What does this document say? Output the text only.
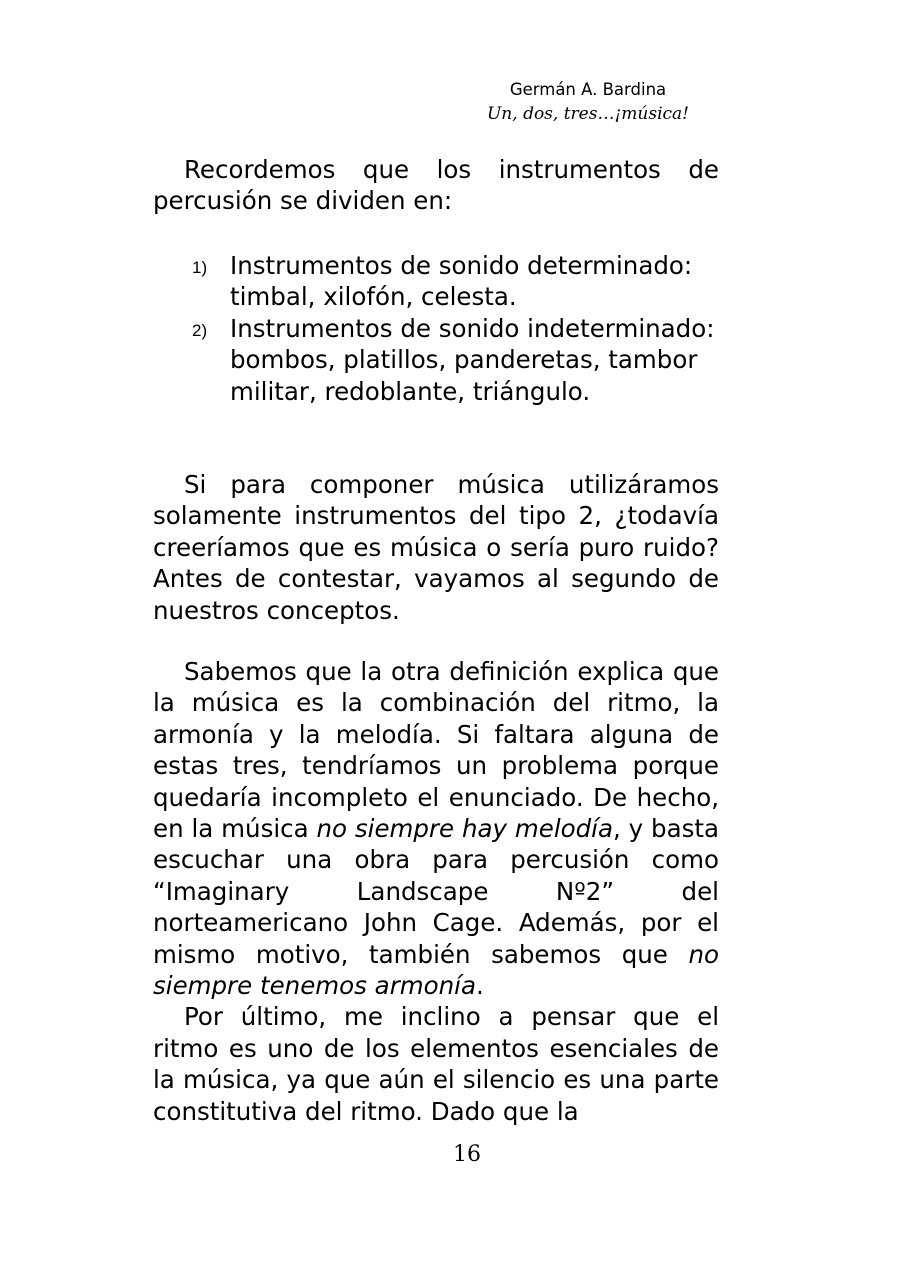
Germán A. Bardina
Un, dos, tres…¡música!

Recordemos que los instrumentos de percusión se dividen en:

1) Instrumentos de sonido determinado: timbal, xilofón, celesta.
2) Instrumentos de sonido indeterminado: bombos, platillos, panderetas, tambor militar, redoblante, triángulo.

Si para componer música utilizáramos solamente instrumentos del tipo 2, ¿todavía creeríamos que es música o sería puro ruido? Antes de contestar, vayamos al segundo de nuestros conceptos.

Sabemos que la otra definición explica que la música es la combinación del ritmo, la armonía y la melodía. Si faltara alguna de estas tres, tendríamos un problema porque quedaría incompleto el enunciado. De hecho, en la música no siempre hay melodía, y basta escuchar una obra para percusión como “Imaginary Landscape Nº2” del norteamericano John Cage. Además, por el mismo motivo, también sabemos que no siempre tenemos armonía.

Por último, me inclino a pensar que el ritmo es uno de los elementos esenciales de la música, ya que aún el silencio es una parte constitutiva del ritmo. Dado que la

16
